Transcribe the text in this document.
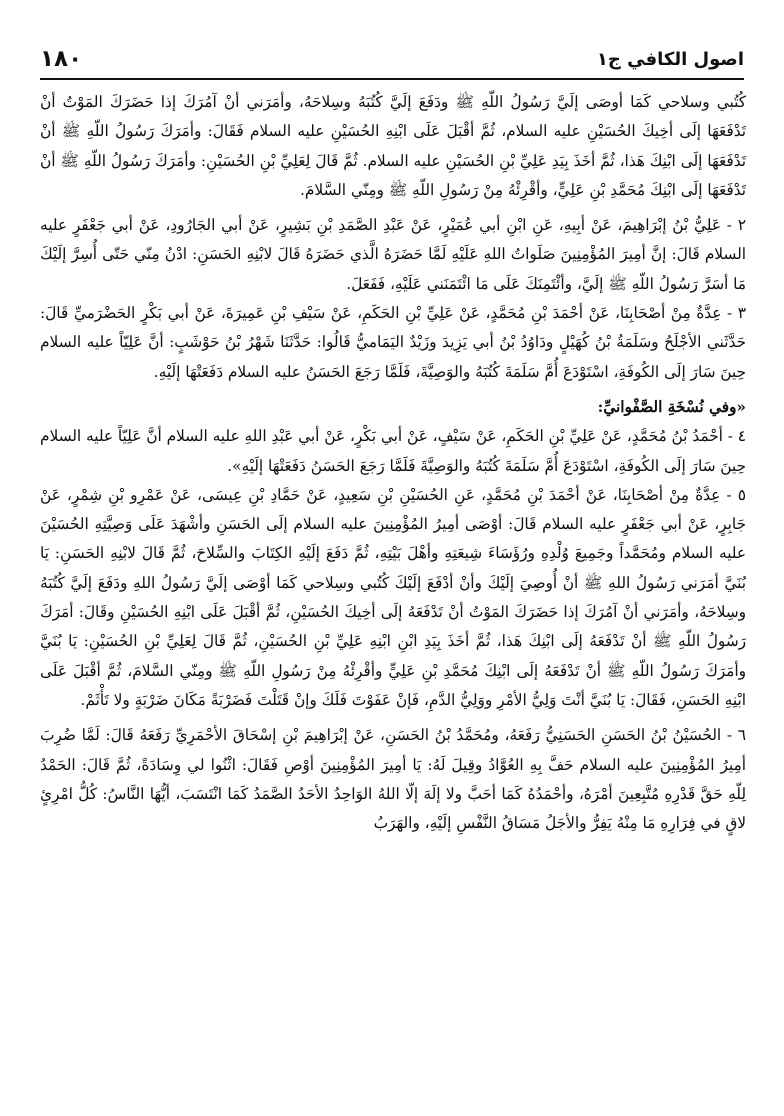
١٨٠	اصول الكافي ج١

كُتُبي وسلاحي كَمَا أوصَى إلَيَّ رَسُولُ اللّهِ ﷺ ودَفَعَ إلَيَّ كُتُبَهُ وسِلاحَهُ، وأمَرَني أنْ آمُرَكَ إذا حَضَرَكَ المَوْتُ أنْ تَدْفَعَهَا إلَى أخِيكَ الحُسَيْنِ عليه السلام، ثُمَّ أقْبَلَ عَلَى ابْنِهِ الحُسَيْنِ عليه السلام فَقَالَ: وأمَرَكَ رَسُولُ اللّهِ ﷺ أنْ تَدْفَعَهَا إلَى ابْنِكَ هَذا، ثُمَّ أخَذَ بِيَدِ عَلِيِّ بْنِ الحُسَيْنِ عليه السلام. ثُمَّ قَالَ لِعَلِيِّ بْنِ الحُسَيْنِ: وأمَرَكَ رَسُولُ اللّهِ ﷺ أنْ تَدْفَعَهَا إلَى ابْنِكَ مُحَمَّدِ بْنِ عَلِيٍّ، وأقْرِئْهُ مِنْ رَسُولِ اللّهِ ﷺ ومِنّي السَّلامَ.

٢ - عَلِيُّ بْنُ إبْرَاهِيمَ، عَنْ أبِيهِ، عَنِ ابْنِ أبي عُمَيْرٍ، عَنْ عَبْدِ الصَّمَدِ بْنِ بَشِيرٍ، عَنْ أبي الجَارُودِ، عَنْ أبي جَعْفَرٍ عليه السلام قَالَ: إنَّ أمِيرَ المُؤْمِنِينَ صَلَواتُ اللهِ عَلَيْهِ لَمَّا حَضَرَهُ الَّذي حَضَرَهُ قَالَ لابْنِهِ الحَسَنِ: ادْنُ مِنّي حَتّى أُسِرَّ إلَيْكَ مَا أسَرَّ رَسُولُ اللّهِ ﷺ إلَيَّ، وأئْتَمِنَكَ عَلَى مَا ائْتَمَنَني عَلَيْهِ، فَفَعَلَ.

٣ - عِدَّةٌ مِنْ أصْحَابِنَا، عَنْ أحْمَدَ بْنِ مُحَمَّدٍ، عَنْ عَلِيِّ بْنِ الحَكَمِ، عَنْ سَيْفِ بْنِ عَمِيرَةَ، عَنْ أبي بَكْرٍ الحَضْرَميِّ قَالَ: حَدَّثَني الأجْلَحُ وسَلَمَةُ بْنُ كُهَيْلٍ ودَاوُدُ بْنُ أبي يَزِيدَ وزَيْدٌ اليَمَاميُّ قَالُوا: حَدَّثَنَا شَهْرُ بْنُ حَوْشَبٍ: أنَّ عَلِيّاً عليه السلام حِينَ سَارَ إلَى الكُوفَةِ، اسْتَوْدَعَ أُمَّ سَلَمَةَ كُتُبَهُ والوَصِيَّةَ، فَلَمَّا رَجَعَ الحَسَنُ عليه السلام دَفَعَتْهَا إلَيْهِ.

«وفي نُسْخَةِ الصَّفْوانيِّ:

٤ - أحْمَدُ بْنُ مُحَمَّدٍ، عَنْ عَلِيِّ بْنِ الحَكَمِ، عَنْ سَيْفٍ، عَنْ أبي بَكْرٍ، عَنْ أبي عَبْدِ اللهِ عليه السلام أنَّ عَلِيّاً عليه السلام حِينَ سَارَ إلَى الكُوفَةِ، اسْتَوْدَعَ أُمَّ سَلَمَةَ كُتُبَهُ والوَصِيَّةَ فَلَمَّا رَجَعَ الحَسَنُ دَفَعَتْهَا إلَيْهِ».

٥ - عِدَّةٌ مِنْ أصْحَابِنَا، عَنْ أحْمَدَ بْنِ مُحَمَّدٍ، عَنِ الحُسَيْنِ بْنِ سَعِيدٍ، عَنْ حَمَّادِ بْنِ عِيسَى، عَنْ عَمْرِو بْنِ شِمْرٍ، عَنْ جَابِرٍ، عَنْ أبي جَعْفَرٍ عليه السلام قَالَ: أوْصَى أمِيرُ المُؤْمِنِينَ عليه السلام إلَى الحَسَنِ وأشْهَدَ عَلَى وَصِيَّتِهِ الحُسَيْنَ عليه السلام ومُحَمَّداً وجَمِيعَ وُلْدِهِ ورُؤَسَاءَ شِيعَتِهِ وأهْلَ بَيْتِهِ، ثُمَّ دَفَعَ إلَيْهِ الكِتَابَ والسِّلاحَ، ثُمَّ قَالَ لابْنِهِ الحَسَنِ: يَا بُنَيَّ أمَرَني رَسُولُ اللهِ ﷺ أنْ أُوصِيَ إلَيْكَ وأنْ أدْفَعَ إلَيْكَ كُتُبي وسِلاحي كَمَا أوْصَى إلَيَّ رَسُولُ اللهِ ودَفَعَ إلَيَّ كُتُبَهُ وسِلاحَهُ، وأمَرَني أنْ آمُرَكَ إذا حَضَرَكَ المَوْتُ أنْ تَدْفَعَهُ إلَى أخِيكَ الحُسَيْنِ، ثُمَّ أقْبَلَ عَلَى ابْنِهِ الحُسَيْنِ وقَالَ: أمَرَكَ رَسُولُ اللّهِ ﷺ أنْ تَدْفَعَهُ إلَى ابْنِكَ هَذا، ثُمَّ أخَذَ بِيَدِ ابْنِ ابْنِهِ عَلِيِّ بْنِ الحُسَيْنِ، ثُمَّ قَالَ لِعَلِيِّ بْنِ الحُسَيْنِ: يَا بُنَيَّ وأمَرَكَ رَسُولُ اللّهِ ﷺ أنْ تَدْفَعَهُ إلَى ابْنِكَ مُحَمَّدِ بْنِ عَلِيٍّ وأقْرِئْهُ مِنْ رَسُولِ اللّهِ ﷺ ومِنّي السَّلامَ، ثُمَّ أقْبَلَ عَلَى ابْنِهِ الحَسَنِ، فَقَالَ: يَا بُنَيَّ أنْتَ وَلِيُّ الأمْرِ ووَلِيُّ الدَّمِ، فَإنْ عَفَوْتَ فَلَكَ وإنْ قَتَلْتَ فَضَرْبَةً مَكَانَ ضَرْبَةٍ ولا تَأْثَمْ.

٦ - الحُسَيْنُ بْنُ الحَسَنِ الحَسَنِيُّ رَفَعَهُ، ومُحَمَّدُ بْنُ الحَسَنِ، عَنْ إبْرَاهِيمَ بْنِ إسْحَاقَ الأحْمَرِيِّ رَفَعَهُ قَالَ: لَمَّا ضُرِبَ أمِيرُ المُؤْمِنِينَ عليه السلام حَفَّ بِهِ العُوَّادُ وقِيلَ لَهُ: يَا أمِيرَ المُؤْمِنِينَ أوْصِ فَقَالَ: اثْنُوا لي وِسَادَةً، ثُمَّ قَالَ: الحَمْدُ لِلّهِ حَقَّ قَدْرِهِ مُتَّبِعِينَ أمْرَهُ، وأحْمَدُهُ كَمَا أحَبَّ ولا إلَهَ إلّا اللهُ الوَاحِدُ الأحَدُ الصَّمَدُ كَمَا انْتَسَبَ، أيُّهَا النَّاسُ: كُلُّ امْرِئٍ لاقٍ في فِرَارِهِ مَا مِنْهُ يَفِرُّ والأجَلُ مَسَاقُ النَّفْسِ إلَيْهِ، والهَرَبُ
